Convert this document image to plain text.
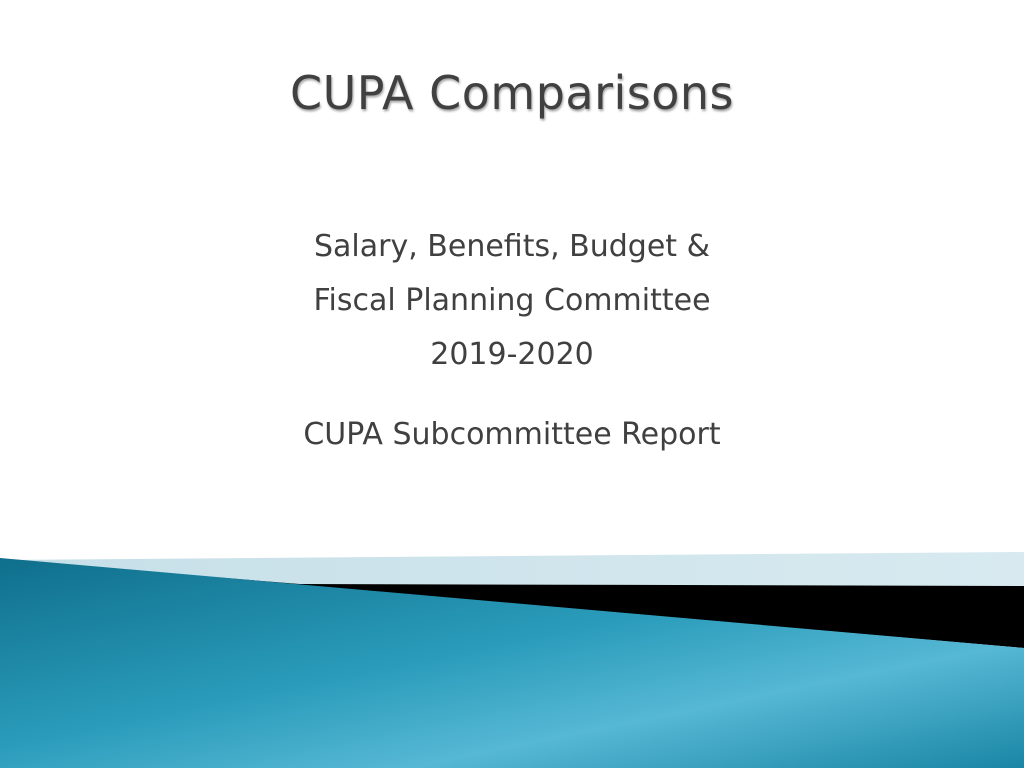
CUPA Comparisons
Salary, Benefits, Budget &
Fiscal Planning Committee
2019-2020
CUPA Subcommittee Report
